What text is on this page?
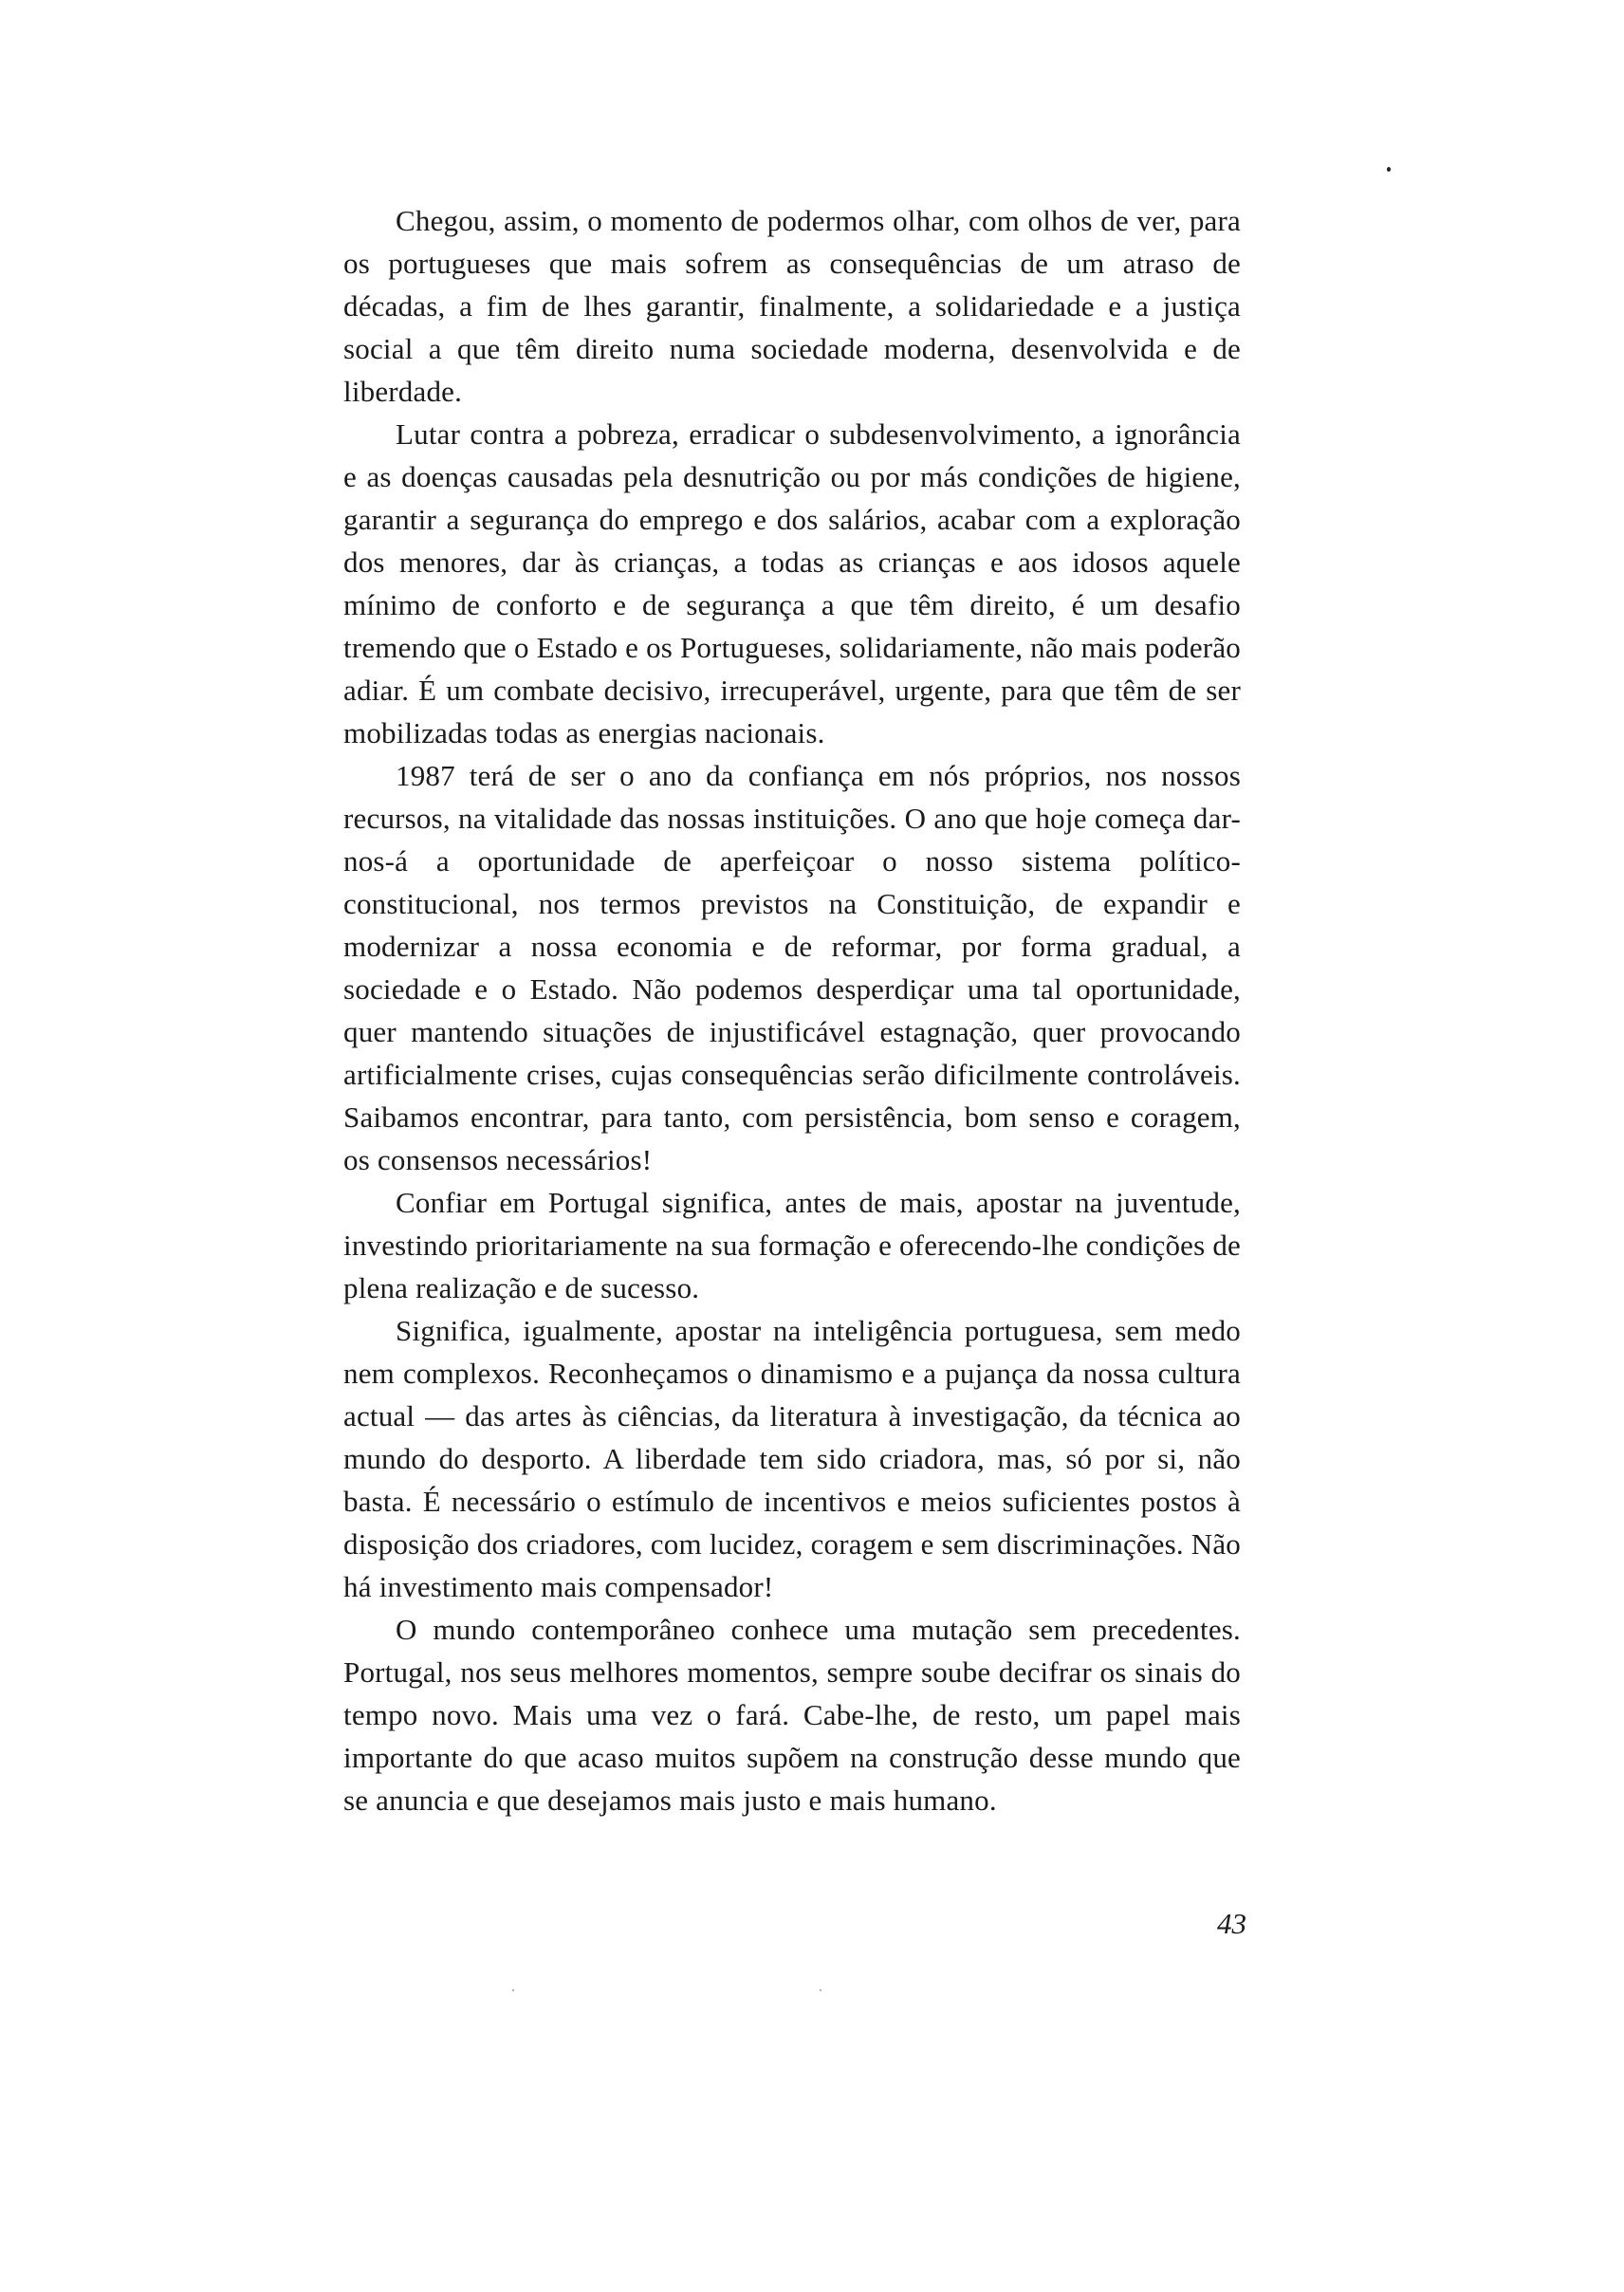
Chegou, assim, o momento de podermos olhar, com olhos de ver, para os portugueses que mais sofrem as consequências de um atraso de décadas, a fim de lhes garantir, finalmente, a solidariedade e a justiça social a que têm direito numa sociedade moderna, desenvolvida e de liberdade.

Lutar contra a pobreza, erradicar o subdesenvolvimento, a ignorância e as doenças causadas pela desnutrição ou por más condições de higiene, garantir a segurança do emprego e dos salários, acabar com a exploração dos menores, dar às crianças, a todas as crianças e aos idosos aquele mínimo de conforto e de segurança a que têm direito, é um desafio tremendo que o Estado e os Portugueses, solidariamente, não mais poderão adiar. É um combate decisivo, irrecuperável, urgente, para que têm de ser mobilizadas todas as energias nacionais.

1987 terá de ser o ano da confiança em nós próprios, nos nossos recursos, na vitalidade das nossas instituições. O ano que hoje começa dar-nos-á a oportunidade de aperfeiçoar o nosso sistema político-constitucional, nos termos previstos na Constituição, de expandir e modernizar a nossa economia e de reformar, por forma gradual, a sociedade e o Estado. Não podemos desperdiçar uma tal oportunidade, quer mantendo situações de injustificável estagnação, quer provocando artificialmente crises, cujas consequências serão dificilmente controláveis. Saibamos encontrar, para tanto, com persistência, bom senso e coragem, os consensos necessários!

Confiar em Portugal significa, antes de mais, apostar na juventude, investindo prioritariamente na sua formação e oferecendo-lhe condições de plena realização e de sucesso.

Significa, igualmente, apostar na inteligência portuguesa, sem medo nem complexos. Reconheçamos o dinamismo e a pujança da nossa cultura actual — das artes às ciências, da literatura à investigação, da técnica ao mundo do desporto. A liberdade tem sido criadora, mas, só por si, não basta. É necessário o estímulo de incentivos e meios suficientes postos à disposição dos criadores, com lucidez, coragem e sem discriminações. Não há investimento mais compensador!

O mundo contemporâneo conhece uma mutação sem precedentes. Portugal, nos seus melhores momentos, sempre soube decifrar os sinais do tempo novo. Mais uma vez o fará. Cabe-lhe, de resto, um papel mais importante do que acaso muitos supõem na construção desse mundo que se anuncia e que desejamos mais justo e mais humano.

43
